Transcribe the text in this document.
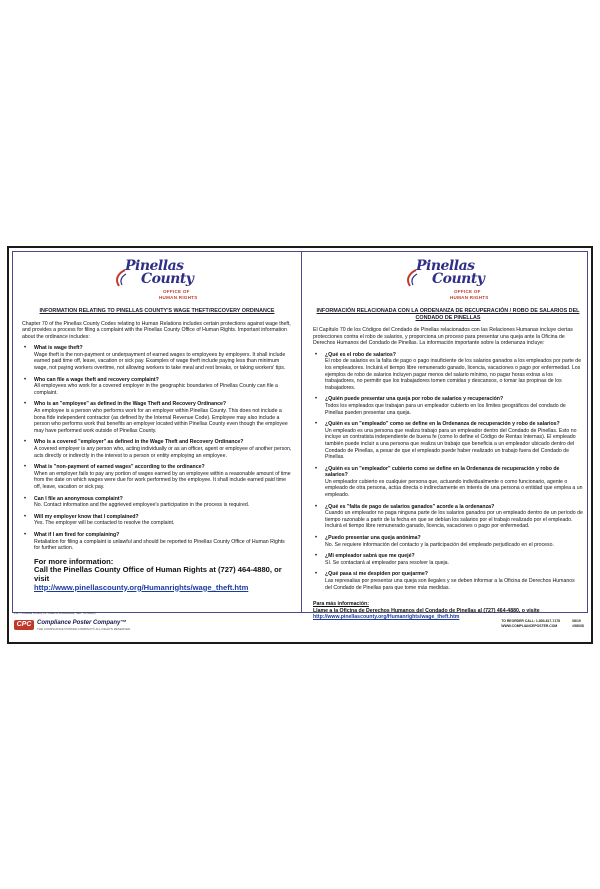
Pinellas
County
OFFICE OF
HUMAN RIGHTS
INFORMATION RELATING TO PINELLAS COUNTY'S WAGE THEFT/RECOVERY ORDINANCE
Chapter 70 of the Pinellas County Codes relating to Human Relations includes certain protections against wage theft, and provides a process for filing a complaint with the Pinellas County Office of Human Rights. Important information about the ordinance includes:
• What is wage theft?
Wage theft is the non-payment or underpayment of earned wages to employees by employers. It shall include earned paid time off, leave, vacation or sick pay. Examples of wage theft include paying less than minimum wage, not paying workers overtime, not allowing workers to take meal and rest breaks, or taking workers' tips.
• Who can file a wage theft and recovery complaint?
All employees who work for a covered employer in the geographic boundaries of Pinellas County can file a complaint.
• Who is an "employee" as defined in the Wage Theft and Recovery Ordinance?
An employee is a person who performs work for an employer within Pinellas County. This does not include a bona fide independent contractor (as defined by the Internal Revenue Code). Employee may also include a person who performs work that benefits an employer located within Pinellas County even though the employee may have performed work outside of Pinellas County.
• Who is a covered "employer" as defined in the Wage Theft and Recovery Ordinance?
A covered employer is any person who, acting individually or as an officer, agent or employee of another person, acts directly or indirectly in the interest to a person or entity employing an employee.
• What is "non-payment of earned wages" according to the ordinance?
When an employer fails to pay any portion of wages earned by an employee within a reasonable amount of time from the date on which wages were due for work performed by the employee. It shall include earned paid time off, leave, vacation or sick pay.
• Can I file an anonymous complaint?
No. Contact information and the aggrieved employee's participation in the process is required.
• Will my employer know that I complained?
Yes. The employer will be contacted to resolve the complaint.
• What if I am fired for complaining?
Retaliation for filing a complaint is unlawful and should be reported to Pinellas County Office of Human Rights for further action.
For more information:
Call the Pinellas County Office of Human Rights at (727) 464-4880, or visit
http://www.pinellascounty.org/Humanrights/wage_theft.htm
Pinellas
County
OFFICE OF
HUMAN RIGHTS
INFORMACIÓN RELACIONADA CON LA ORDENANZA DE RECUPERACIÓN / ROBO DE SALARIOS DEL CONDADO DE PINELLAS
El Capítulo 70 de los Códigos del Condado de Pinellas relacionados con las Relaciones Humanas incluye ciertas protecciones contra el robo de salarios, y proporciona un proceso para presentar una queja ante la Oficina de Derechos Humanos del Condado de Pinellas. La información importante sobre la ordenanza incluye:
• ¿Qué es el robo de salarios?
El robo de salarios es la falta de pago o pago insuficiente de los salarios ganados a los empleados por parte de los empleadores. Incluirá el tiempo libre remunerado ganado, licencia, vacaciones o pago por enfermedad. Los ejemplos de robo de salarios incluyen pagar menos del salario mínimo, no pagar horas extras a los trabajadores, no permitir que los trabajadores tomen comidas y descansos, o tomar las propinas de los trabajadores.
• ¿Quién puede presentar una queja por robo de salarios y recuperación?
Todos los empleados que trabajan para un empleador cubierto en los límites geográficos del condado de Pinellas pueden presentar una queja.
• ¿Quién es un "empleado" como se define en la Ordenanza de recuperación y robo de salarios?
Un empleado es una persona que realiza trabajo para un empleador dentro del Condado de Pinellas. Esto no incluye un contratista independiente de buena fe (como lo define el Código de Rentas Internas). El empleado también puede incluir a una persona que realiza un trabajo que beneficia a un empleador ubicado dentro del Condado de Pinellas, a pesar de que el empleado puede haber realizado un trabajo fuera del Condado de Pinellas.
• ¿Quién es un "empleador" cubierto como se define en la Ordenanza de recuperación y robo de salarios?
Un empleador cubierto es cualquier persona que, actuando individualmente o como funcionario, agente o empleado de otra persona, actúa directa o indirectamente en interés de una persona o entidad que emplea a un empleado.
• ¿Qué es "falta de pago de salarios ganados" acorde a la ordenanza?
Cuando un empleador no paga ninguna parte de los salarios ganados por un empleado dentro de un período de tiempo razonable a partir de la fecha en que se debían los salarios por el trabajo realizado por el empleado. Incluirá el tiempo libre remunerado ganado, licencia, vacaciones o pago por enfermedad.
• ¿Puedo presentar una queja anónima?
No. Se requiere información del contacto y la participación del empleado perjudicado en el proceso.
• ¿Mi empleador sabrá que me quejé?
Sí. Se contactará al empleador para resolver la queja.
• ¿Qué pasa si me despiden por quejarme?
Las represalias por presentar una queja son ilegales y se deben informar a la Oficina de Derechos Humanos del Condado de Pinellas para que tome más medidas.
Para más información:
Llame a la Oficina de Derechos Humanos del Condado de Pinellas al (727) 464-4880, o visite
http://www.pinellascounty.org/Humanrights/wage_theft.htm
FM – Pinellas County FL Code of Ordinances, Sec. 70-336(c)
CPC Compliance Poster Company™
THE COMPLIANCE POSTER COMPANY® ALL RIGHTS RESERVED
TO REORDER CALL: 1-800-817-7178
WWW.COMPLIANCEPOSTER.COM
08/19
#5803S
